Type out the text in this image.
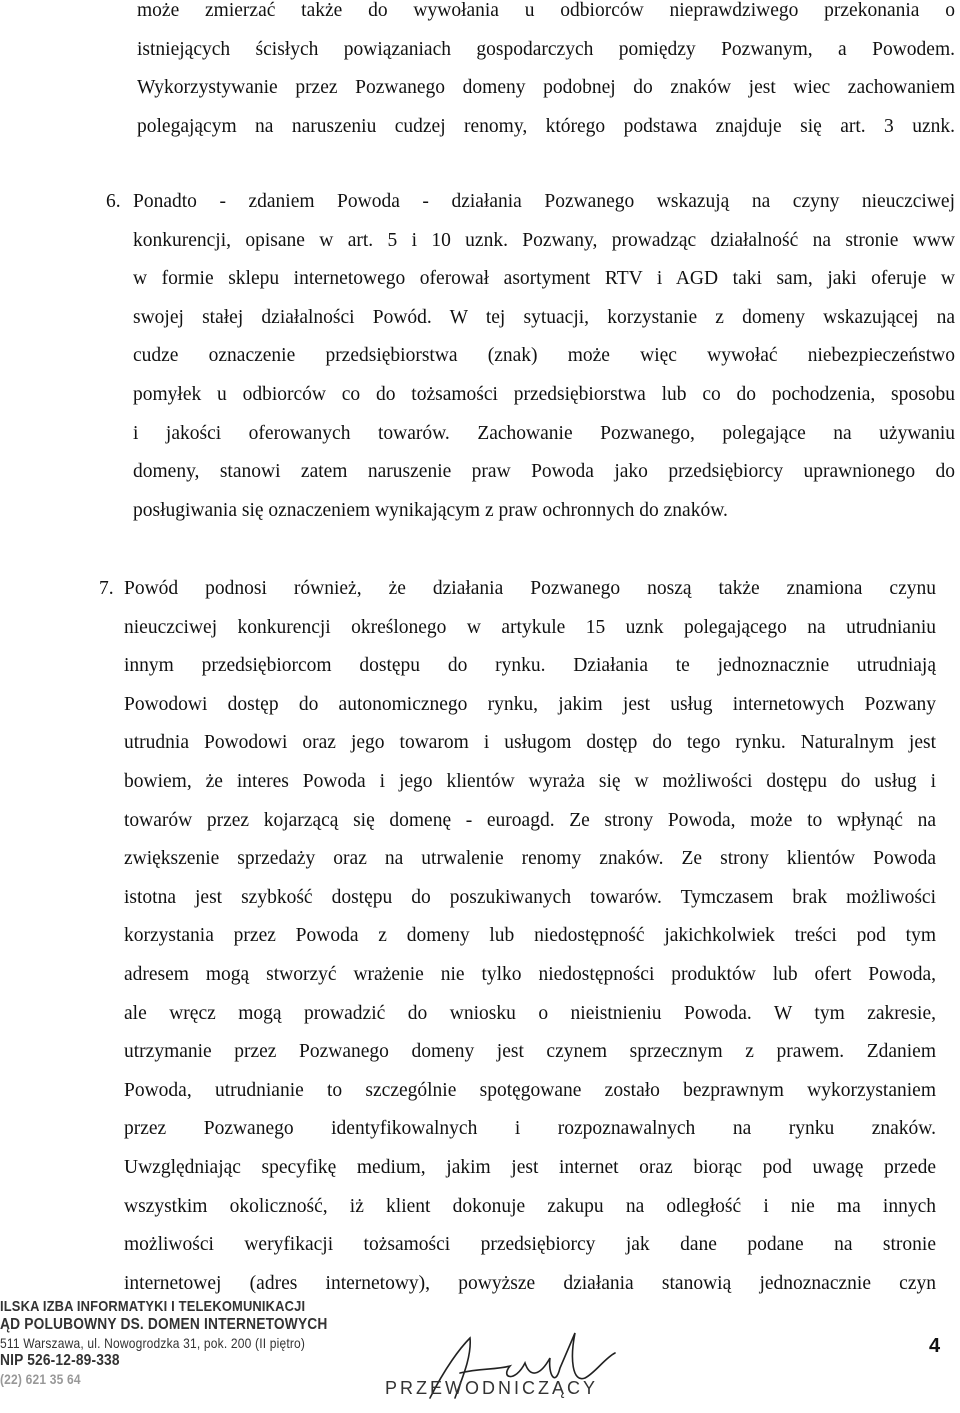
może zmierzać także do wywołania u odbiorców nieprawdziwego przekonania o
istniejących ścisłych powiązaniach gospodarczych pomiędzy Pozwanym, a Powodem.
Wykorzystywanie przez Pozwanego domeny podobnej do znaków jest wiec zachowaniem
polegającym na naruszeniu cudzej renomy, którego podstawa znajduje się art. 3 uznk.
6. Ponadto - zdaniem Powoda - działania Pozwanego wskazują na czyny nieuczciwej
konkurencji, opisane w art. 5 i 10 uznk. Pozwany, prowadząc działalność na stronie www
w formie sklepu internetowego oferował asortyment RTV i AGD taki sam, jaki oferuje w
swojej stałej działalności Powód. W tej sytuacji, korzystanie z domeny wskazującej na
cudze oznaczenie przedsiębiorstwa (znak) może więc wywołać niebezpieczeństwo
pomyłek u odbiorców co do tożsamości przedsiębiorstwa lub co do pochodzenia, sposobu
i jakości oferowanych towarów. Zachowanie Pozwanego, polegające na używaniu
domeny, stanowi zatem naruszenie praw Powoda jako przedsiębiorcy uprawnionego do
posługiwania się oznaczeniem wynikającym z praw ochronnych do znaków.
7. Powód podnosi również, że działania Pozwanego noszą także znamiona czynu
nieuczciwej konkurencji określonego w artykule 15 uznk polegającego na utrudnianiu
innym przedsiębiorcom dostępu do rynku. Działania te jednoznacznie utrudniają
Powodowi dostęp do autonomicznego rynku, jakim jest usług internetowych Pozwany
utrudnia Powodowi oraz jego towarom i usługom dostęp do tego rynku. Naturalnym jest
bowiem, że interes Powoda i jego klientów wyraża się w możliwości dostępu do usług i
towarów przez kojarzącą się domenę - euroagd. Ze strony Powoda, może to wpłynąć na
zwiększenie sprzedaży oraz na utrwalenie renomy znaków. Ze strony klientów Powoda
istotna jest szybkość dostępu do poszukiwanych towarów. Tymczasem brak możliwości
korzystania przez Powoda z domeny lub niedostępność jakichkolwiek treści pod tym
adresem mogą stworzyć wrażenie nie tylko niedostępności produktów lub ofert Powoda,
ale wręcz mogą prowadzić do wniosku o nieistnieniu Powoda. W tym zakresie,
utrzymanie przez Pozwanego domeny jest czynem sprzecznym z prawem. Zdaniem
Powoda, utrudnianie to szczególnie spotęgowane zostało bezprawnym wykorzystaniem
przez Pozwanego identyfikowalnych i rozpoznawalnych na rynku znaków.
Uwzględniając specyfikę medium, jakim jest internet oraz biorąc pod uwagę przede
wszystkim okoliczność, iż klient dokonuje zakupu na odległość i nie ma innych
możliwości weryfikacji tożsamości przedsiębiorcy jak dane podane na stronie
internetowej (adres internetowy), powyższe działania stanowią jednoznacznie czyn
ILSKA IZBA INFORMATYKI I TELEKOMUNIKACJI
ĄD POLUBOWNY DS. DOMEN INTERNETOWYCH
511 Warszawa, ul. Nowogrodzka 31, pok. 200 (II piętro)
NIP 526-12-89-338
(22) 621 35 64	PRZEWODNICZĄCY
4
